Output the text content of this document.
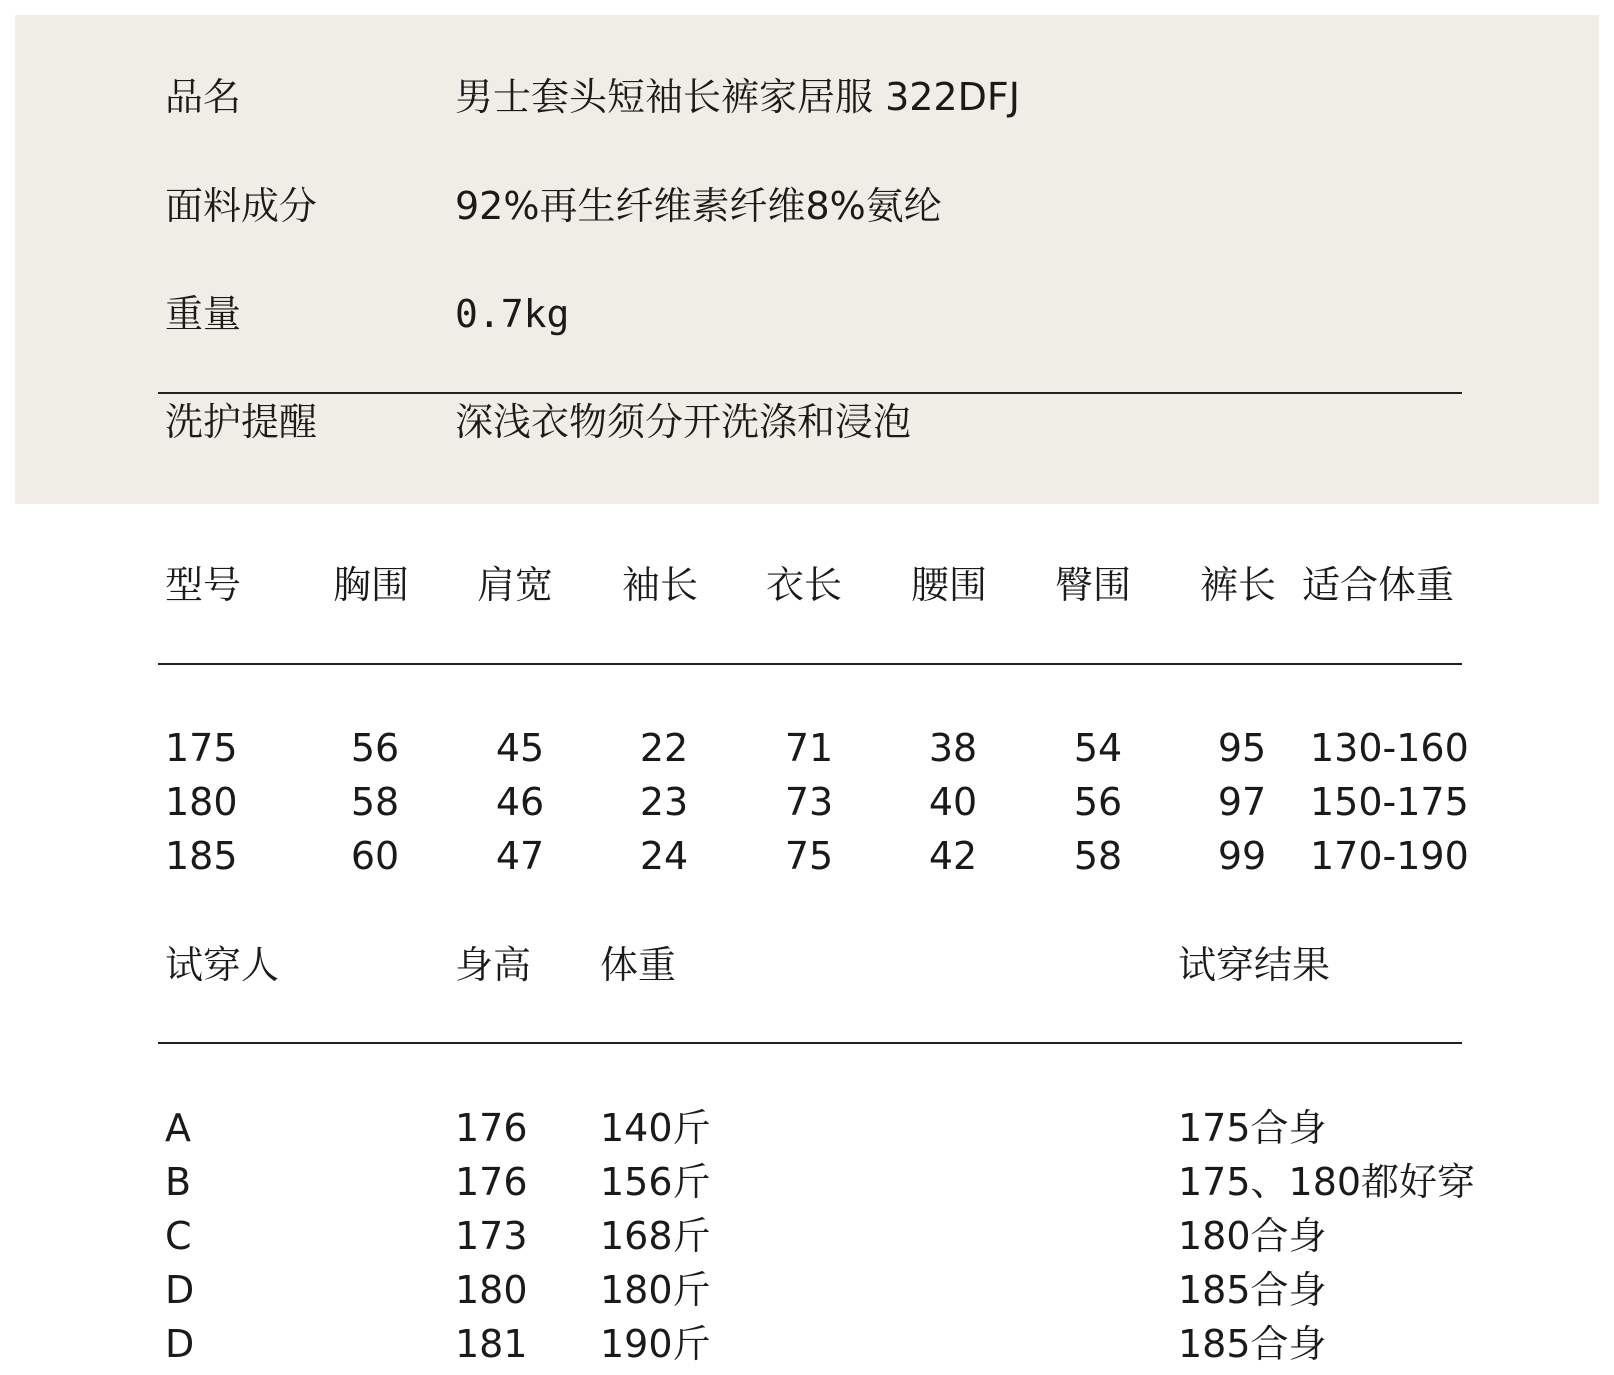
品名	男士套头短袖长裤家居服 322DFJ
面料成分	92%再生纤维素纤维8%氨纶
重量	0.7kg
洗护提醒	深浅衣物须分开洗涤和浸泡
型号 胸围 肩宽 袖长 衣长 腰围 臀围 裤长 适合体重
175	56	45	22	71	38	54	95	130-160
180	58	46	23	73	40	56	97	150-175
185	60	47	24	75	42	58	99	170-190
试穿人	身高 体重	试穿结果
A	176 140斤	175合身
B	176 156斤	175、180都好穿
C	173 168斤	180合身
D	180 180斤	185合身
D	181 190斤	185合身
